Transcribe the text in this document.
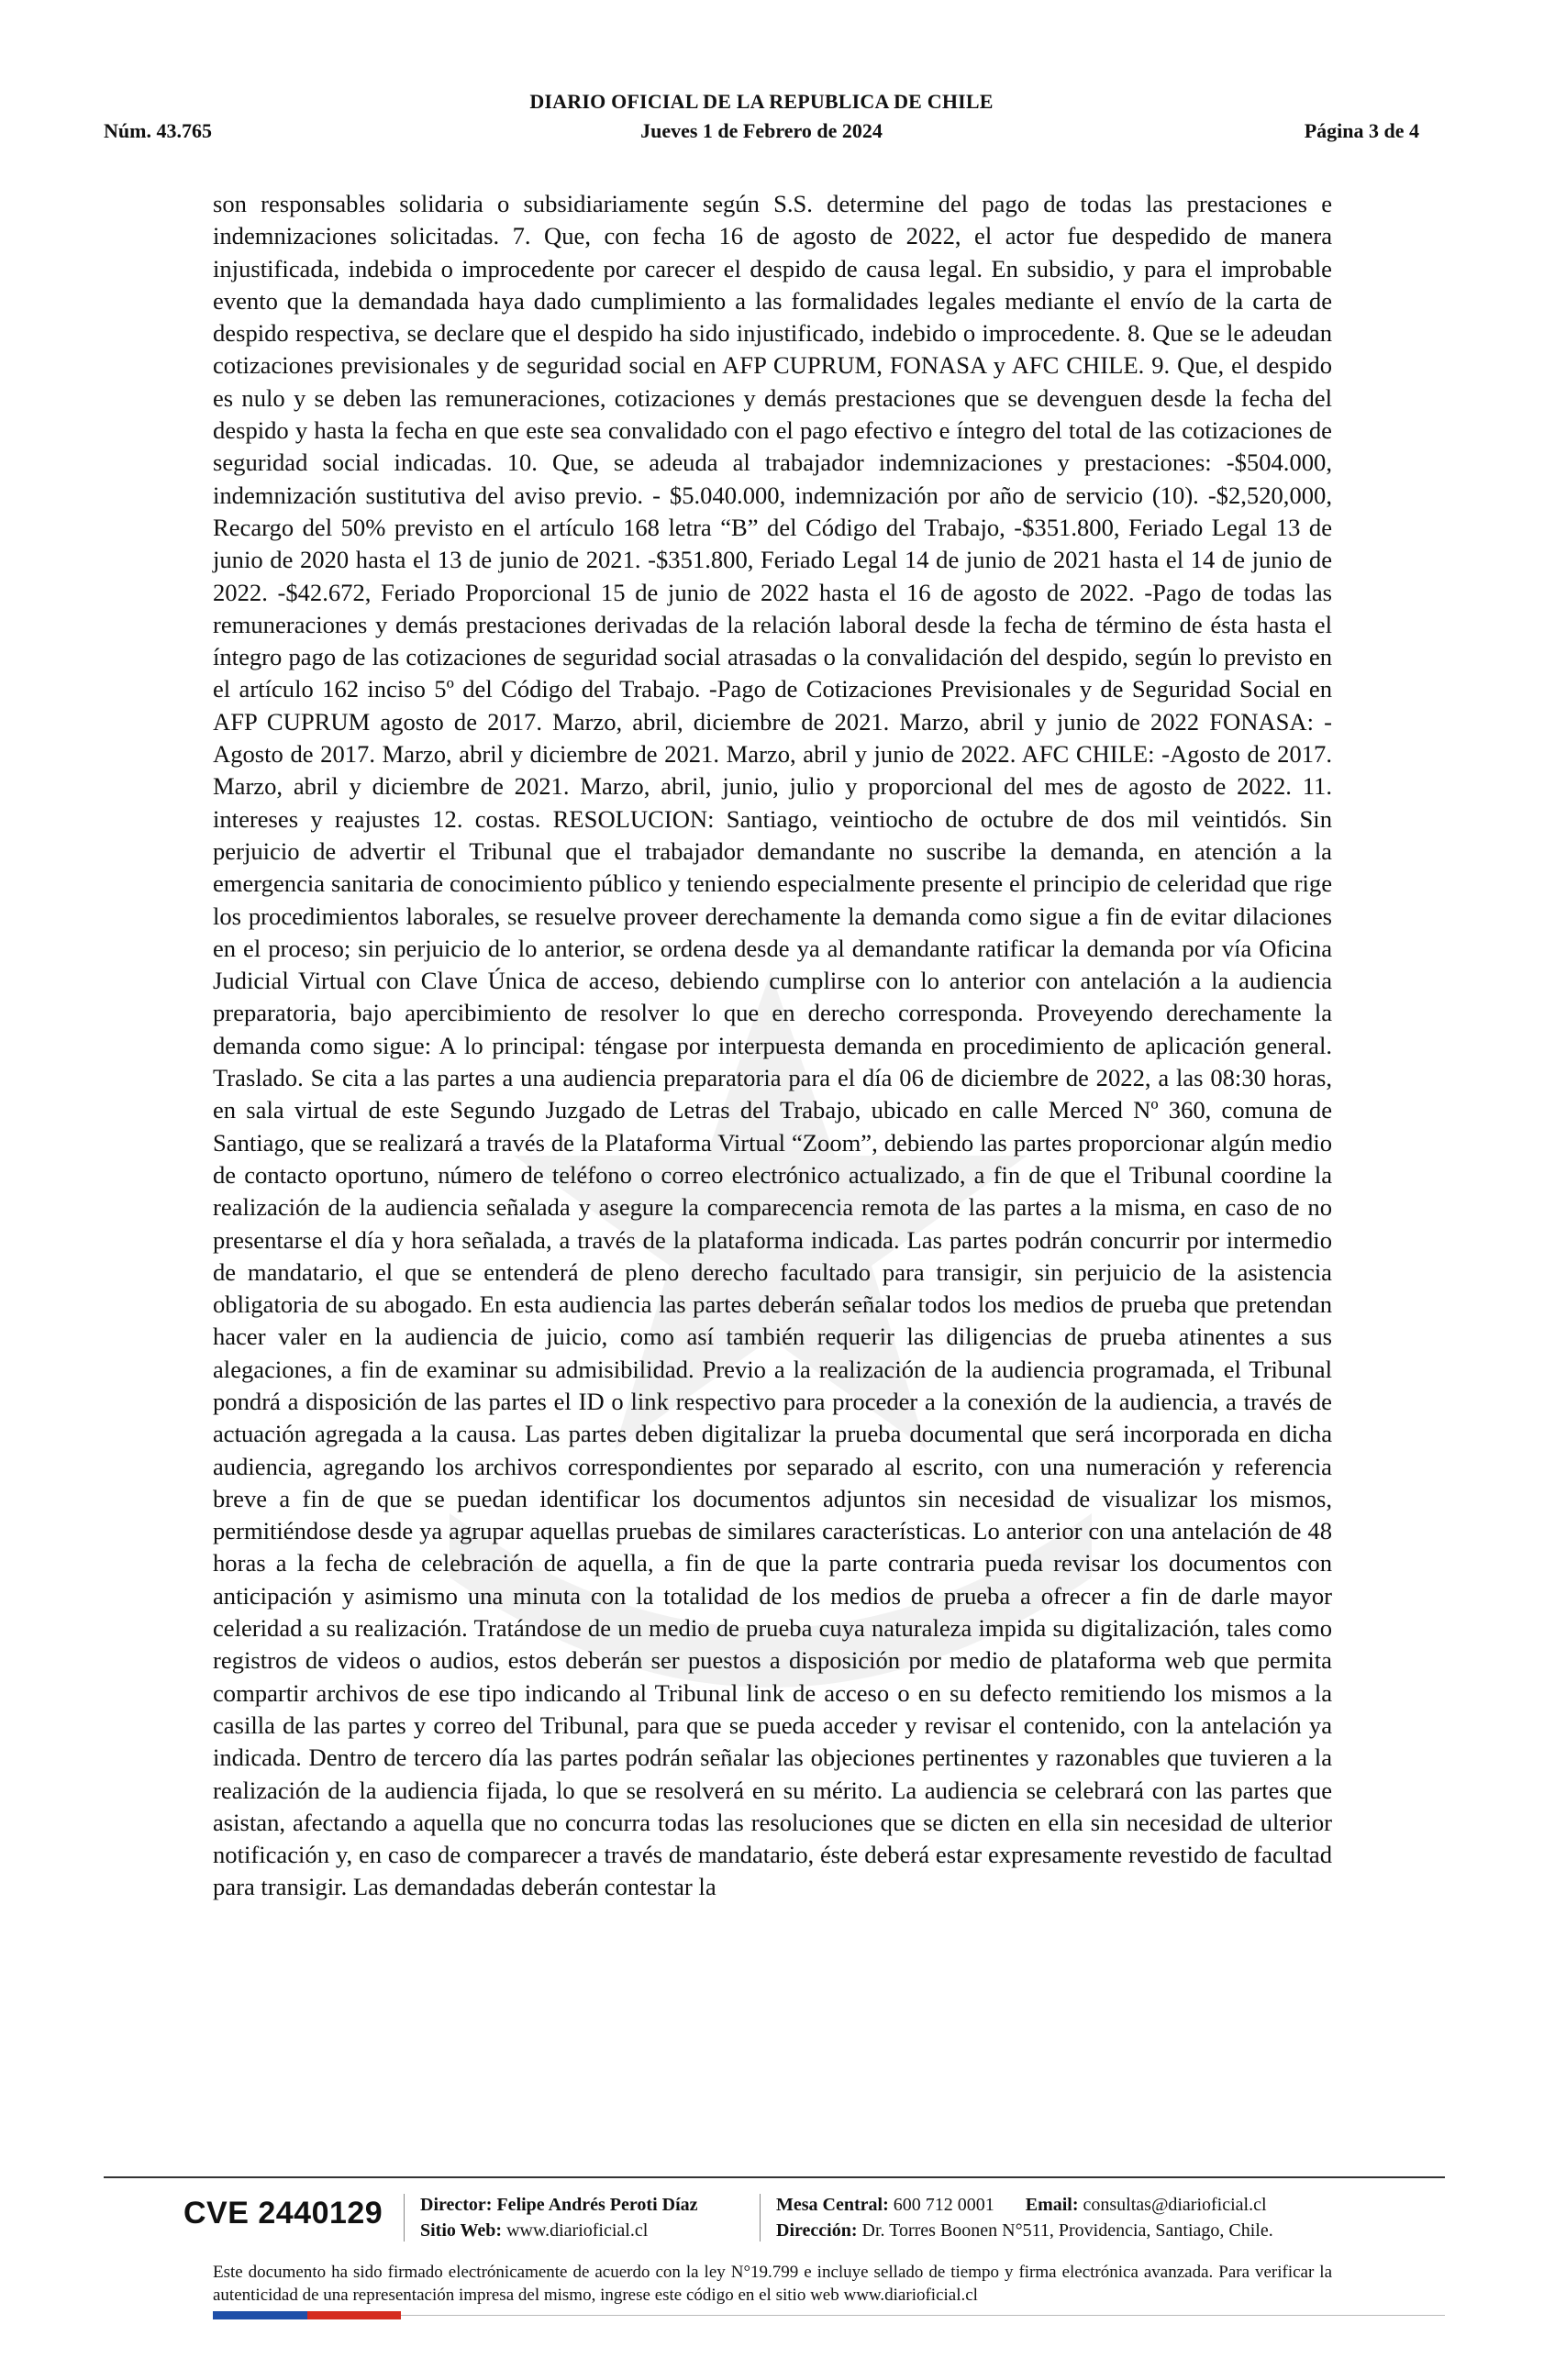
DIARIO OFICIAL DE LA REPUBLICA DE CHILE
Núm. 43.765	Jueves 1 de Febrero de 2024	Página 3 de 4
son responsables solidaria o subsidiariamente según S.S. determine del pago de todas las prestaciones e indemnizaciones solicitadas. 7. Que, con fecha 16 de agosto de 2022, el actor fue despedido de manera injustificada, indebida o improcedente por carecer el despido de causa legal. En subsidio, y para el improbable evento que la demandada haya dado cumplimiento a las formalidades legales mediante el envío de la carta de despido respectiva, se declare que el despido ha sido injustificado, indebido o improcedente. 8. Que se le adeudan cotizaciones previsionales y de seguridad social en AFP CUPRUM, FONASA y AFC CHILE. 9. Que, el despido es nulo y se deben las remuneraciones, cotizaciones y demás prestaciones que se devenguen desde la fecha del despido y hasta la fecha en que este sea convalidado con el pago efectivo e íntegro del total de las cotizaciones de seguridad social indicadas. 10. Que, se adeuda al trabajador indemnizaciones y prestaciones: -$504.000, indemnización sustitutiva del aviso previo. - $5.040.000, indemnización por año de servicio (10). -$2,520,000, Recargo del 50% previsto en el artículo 168 letra “B” del Código del Trabajo, -$351.800, Feriado Legal 13 de junio de 2020 hasta el 13 de junio de 2021. -$351.800, Feriado Legal 14 de junio de 2021 hasta el 14 de junio de 2022. -$42.672, Feriado Proporcional 15 de junio de 2022 hasta el 16 de agosto de 2022. -Pago de todas las remuneraciones y demás prestaciones derivadas de la relación laboral desde la fecha de término de ésta hasta el íntegro pago de las cotizaciones de seguridad social atrasadas o la convalidación del despido, según lo previsto en el artículo 162 inciso 5º del Código del Trabajo. -Pago de Cotizaciones Previsionales y de Seguridad Social en AFP CUPRUM agosto de 2017. Marzo, abril, diciembre de 2021. Marzo, abril y junio de 2022 FONASA: -Agosto de 2017. Marzo, abril y diciembre de 2021. Marzo, abril y junio de 2022. AFC CHILE: -Agosto de 2017. Marzo, abril y diciembre de 2021. Marzo, abril, junio, julio y proporcional del mes de agosto de 2022. 11. intereses y reajustes 12. costas. RESOLUCION: Santiago, veintiocho de octubre de dos mil veintidós. Sin perjuicio de advertir el Tribunal que el trabajador demandante no suscribe la demanda, en atención a la emergencia sanitaria de conocimiento público y teniendo especialmente presente el principio de celeridad que rige los procedimientos laborales, se resuelve proveer derechamente la demanda como sigue a fin de evitar dilaciones en el proceso; sin perjuicio de lo anterior, se ordena desde ya al demandante ratificar la demanda por vía Oficina Judicial Virtual con Clave Única de acceso, debiendo cumplirse con lo anterior con antelación a la audiencia preparatoria, bajo apercibimiento de resolver lo que en derecho corresponda. Proveyendo derechamente la demanda como sigue: A lo principal: téngase por interpuesta demanda en procedimiento de aplicación general. Traslado. Se cita a las partes a una audiencia preparatoria para el día 06 de diciembre de 2022, a las 08:30 horas, en sala virtual de este Segundo Juzgado de Letras del Trabajo, ubicado en calle Merced Nº 360, comuna de Santiago, que se realizará a través de la Plataforma Virtual “Zoom”, debiendo las partes proporcionar algún medio de contacto oportuno, número de teléfono o correo electrónico actualizado, a fin de que el Tribunal coordine la realización de la audiencia señalada y asegure la comparecencia remota de las partes a la misma, en caso de no presentarse el día y hora señalada, a través de la plataforma indicada. Las partes podrán concurrir por intermedio de mandatario, el que se entenderá de pleno derecho facultado para transigir, sin perjuicio de la asistencia obligatoria de su abogado. En esta audiencia las partes deberán señalar todos los medios de prueba que pretendan hacer valer en la audiencia de juicio, como así también requerir las diligencias de prueba atinentes a sus alegaciones, a fin de examinar su admisibilidad. Previo a la realización de la audiencia programada, el Tribunal pondrá a disposición de las partes el ID o link respectivo para proceder a la conexión de la audiencia, a través de actuación agregada a la causa. Las partes deben digitalizar la prueba documental que será incorporada en dicha audiencia, agregando los archivos correspondientes por separado al escrito, con una numeración y referencia breve a fin de que se puedan identificar los documentos adjuntos sin necesidad de visualizar los mismos, permitiéndose desde ya agrupar aquellas pruebas de similares características. Lo anterior con una antelación de 48 horas a la fecha de celebración de aquella, a fin de que la parte contraria pueda revisar los documentos con anticipación y asimismo una minuta con la totalidad de los medios de prueba a ofrecer a fin de darle mayor celeridad a su realización. Tratándose de un medio de prueba cuya naturaleza impida su digitalización, tales como registros de videos o audios, estos deberán ser puestos a disposición por medio de plataforma web que permita compartir archivos de ese tipo indicando al Tribunal link de acceso o en su defecto remitiendo los mismos a la casilla de las partes y correo del Tribunal, para que se pueda acceder y revisar el contenido, con la antelación ya indicada. Dentro de tercero día las partes podrán señalar las objeciones pertinentes y razonables que tuvieren a la realización de la audiencia fijada, lo que se resolverá en su mérito. La audiencia se celebrará con las partes que asistan, afectando a aquella que no concurra todas las resoluciones que se dicten en ella sin necesidad de ulterior notificación y, en caso de comparecer a través de mandatario, éste deberá estar expresamente revestido de facultad para transigir. Las demandadas deberán contestar la
CVE 2440129 Director: Felipe Andrés Peroti Díaz
Sitio Web: www.diarioficial.cl
Mesa Central: 600 712 0001 Email: consultas@diarioficial.cl
Dirección: Dr. Torres Boonen N°511, Providencia, Santiago, Chile.
Este documento ha sido firmado electrónicamente de acuerdo con la ley N°19.799 e incluye sellado de tiempo y firma electrónica avanzada. Para verificar la autenticidad de una representación impresa del mismo, ingrese este código en el sitio web www.diarioficial.cl
